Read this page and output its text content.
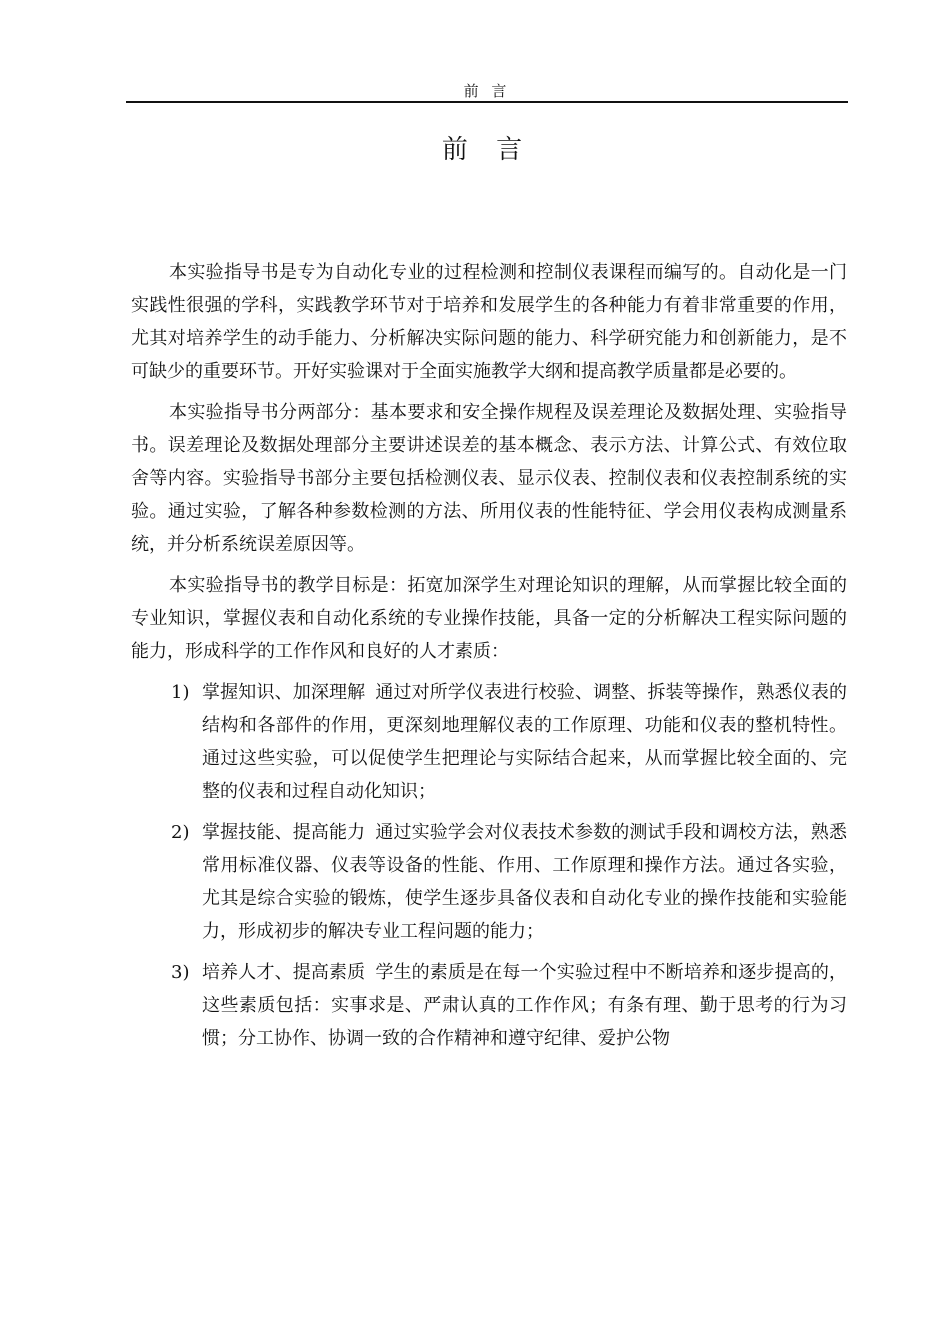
前 言
前 言

本实验指导书是专为自动化专业的过程检测和控制仪表课程而编写的。自动化是一门实践性很强的学科，实践教学环节对于培养和发展学生的各种能力有着非常重要的作用，尤其对培养学生的动手能力、分析解决实际问题的能力、科学研究能力和创新能力，是不可缺少的重要环节。开好实验课对于全面实施教学大纲和提高教学质量都是必要的。

本实验指导书分两部分：基本要求和安全操作规程及误差理论及数据处理、实验指导书。误差理论及数据处理部分主要讲述误差的基本概念、表示方法、计算公式、有效位取舍等内容。实验指导书部分主要包括检测仪表、显示仪表、控制仪表和仪表控制系统的实验。通过实验，了解各种参数检测的方法、所用仪表的性能特征、学会用仪表构成测量系统，并分析系统误差原因等。

本实验指导书的教学目标是：拓宽加深学生对理论知识的理解，从而掌握比较全面的专业知识，掌握仪表和自动化系统的专业操作技能，具备一定的分析解决工程实际问题的能力，形成科学的工作作风和良好的人才素质：

1) 掌握知识、加深理解 通过对所学仪表进行校验、调整、拆装等操作，熟悉仪表的结构和各部件的作用，更深刻地理解仪表的工作原理、功能和仪表的整机特性。通过这些实验，可以促使学生把理论与实际结合起来，从而掌握比较全面的、完整的仪表和过程自动化知识；
2) 掌握技能、提高能力 通过实验学会对仪表技术参数的测试手段和调校方法，熟悉常用标准仪器、仪表等设备的性能、作用、工作原理和操作方法。通过各实验，尤其是综合实验的锻炼，使学生逐步具备仪表和自动化专业的操作技能和实验能力，形成初步的解决专业工程问题的能力；
3) 培养人才、提高素质 学生的素质是在每一个实验过程中不断培养和逐步提高的，这些素质包括：实事求是、严肃认真的工作作风；有条有理、勤于思考的行为习惯；分工协作、协调一致的合作精神和遵守纪律、爱护公物
